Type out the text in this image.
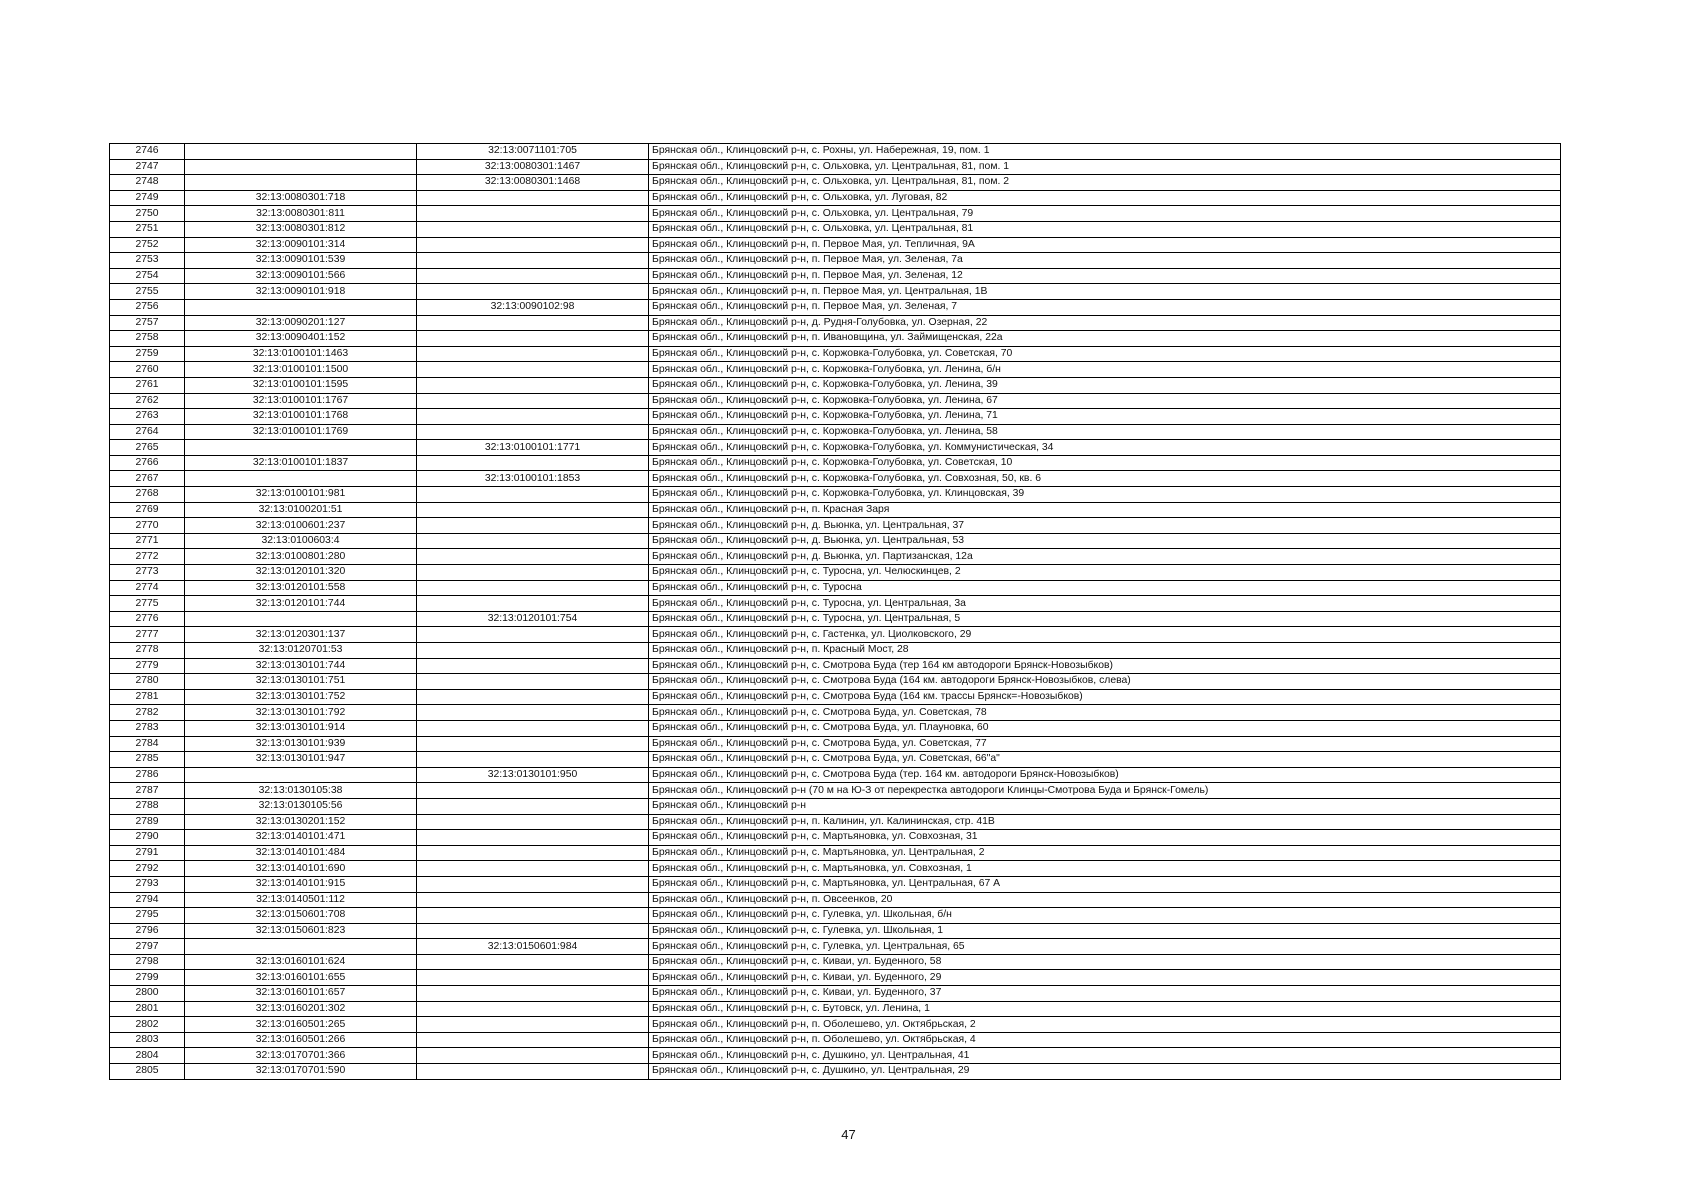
2746		32:13:0071101:705	Брянская обл., Клинцовский р-н, с. Рохны, ул. Набережная, 19, пом. 1
2747		32:13:0080301:1467	Брянская обл., Клинцовский р-н, с. Ольховка, ул. Центральная, 81, пом. 1
2748		32:13:0080301:1468	Брянская обл., Клинцовский р-н, с. Ольховка, ул. Центральная, 81, пом. 2
2749	32:13:0080301:718		Брянская обл., Клинцовский р-н, с. Ольховка, ул. Луговая, 82
2750	32:13:0080301:811		Брянская обл., Клинцовский р-н, с. Ольховка, ул. Центральная, 79
2751	32:13:0080301:812		Брянская обл., Клинцовский р-н, с. Ольховка, ул. Центральная, 81
2752	32:13:0090101:314		Брянская обл., Клинцовский р-н, п. Первое Мая, ул. Тепличная, 9А
2753	32:13:0090101:539		Брянская обл., Клинцовский р-н, п. Первое Мая, ул. Зеленая, 7а
2754	32:13:0090101:566		Брянская обл., Клинцовский р-н, п. Первое Мая, ул. Зеленая, 12
2755	32:13:0090101:918		Брянская обл., Клинцовский р-н, п. Первое Мая, ул. Центральная, 1В
2756		32:13:0090102:98	Брянская обл., Клинцовский р-н, п. Первое Мая, ул. Зеленая, 7
2757	32:13:0090201:127		Брянская обл., Клинцовский р-н, д. Рудня-Голубовка, ул. Озерная, 22
2758	32:13:0090401:152		Брянская обл., Клинцовский р-н, п. Ивановщина, ул. Займищенская, 22а
2759	32:13:0100101:1463		Брянская обл., Клинцовский р-н, с. Коржовка-Голубовка, ул. Советская, 70
2760	32:13:0100101:1500		Брянская обл., Клинцовский р-н, с. Коржовка-Голубовка, ул. Ленина, б/н
2761	32:13:0100101:1595		Брянская обл., Клинцовский р-н, с. Коржовка-Голубовка, ул. Ленина, 39
2762	32:13:0100101:1767		Брянская обл., Клинцовский р-н, с. Коржовка-Голубовка, ул. Ленина, 67
2763	32:13:0100101:1768		Брянская обл., Клинцовский р-н, с. Коржовка-Голубовка, ул. Ленина, 71
2764	32:13:0100101:1769		Брянская обл., Клинцовский р-н, с. Коржовка-Голубовка, ул. Ленина, 58
2765		32:13:0100101:1771	Брянская обл., Клинцовский р-н, с. Коржовка-Голубовка, ул. Коммунистическая, 34
2766	32:13:0100101:1837		Брянская обл., Клинцовский р-н, с. Коржовка-Голубовка, ул. Советская, 10
2767		32:13:0100101:1853	Брянская обл., Клинцовский р-н, с. Коржовка-Голубовка, ул. Совхозная, 50, кв. 6
2768	32:13:0100101:981		Брянская обл., Клинцовский р-н, с. Коржовка-Голубовка, ул. Клинцовская, 39
2769	32:13:0100201:51		Брянская обл., Клинцовский р-н, п. Красная Заря
2770	32:13:0100601:237		Брянская обл., Клинцовский р-н, д. Вьюнка, ул. Центральная, 37
2771	32:13:0100603:4		Брянская обл., Клинцовский р-н, д. Вьюнка, ул. Центральная, 53
2772	32:13:0100801:280		Брянская обл., Клинцовский р-н, д. Вьюнка, ул. Партизанская, 12а
2773	32:13:0120101:320		Брянская обл., Клинцовский р-н, с. Туросна, ул. Челюскинцев, 2
2774	32:13:0120101:558		Брянская обл., Клинцовский р-н, с. Туросна
2775	32:13:0120101:744		Брянская обл., Клинцовский р-н, с. Туросна, ул. Центральная, 3а
2776		32:13:0120101:754	Брянская обл., Клинцовский р-н, с. Туросна, ул. Центральная, 5
2777	32:13:0120301:137		Брянская обл., Клинцовский р-н, с. Гастенка, ул. Циолковского, 29
2778	32:13:0120701:53		Брянская обл., Клинцовский р-н, п. Красный Мост, 28
2779	32:13:0130101:744		Брянская обл., Клинцовский р-н, с. Смотрова Буда (тер 164 км автодороги Брянск-Новозыбков)
2780	32:13:0130101:751		Брянская обл., Клинцовский р-н, с. Смотрова Буда (164 км. автодороги Брянск-Новозыбков, слева)
2781	32:13:0130101:752		Брянская обл., Клинцовский р-н, с. Смотрова Буда (164 км. трассы Брянск=-Новозыбков)
2782	32:13:0130101:792		Брянская обл., Клинцовский р-н, с. Смотрова Буда, ул. Советская, 78
2783	32:13:0130101:914		Брянская обл., Клинцовский р-н, с. Смотрова Буда, ул. Плауновка, 60
2784	32:13:0130101:939		Брянская обл., Клинцовский р-н, с. Смотрова Буда, ул. Советская, 77
2785	32:13:0130101:947		Брянская обл., Клинцовский р-н, с. Смотрова Буда, ул. Советская, 66"а"
2786		32:13:0130101:950	Брянская обл., Клинцовский р-н, с. Смотрова Буда (тер. 164 км. автодороги Брянск-Новозыбков)
2787	32:13:0130105:38		Брянская обл., Клинцовский р-н (70 м на Ю-З от перекрестка автодороги Клинцы-Смотрова Буда и Брянск-Гомель)
2788	32:13:0130105:56		Брянская обл., Клинцовский р-н
2789	32:13:0130201:152		Брянская обл., Клинцовский р-н, п. Калинин, ул. Калининская, стр. 41В
2790	32:13:0140101:471		Брянская обл., Клинцовский р-н, с. Мартьяновка, ул. Совхозная, 31
2791	32:13:0140101:484		Брянская обл., Клинцовский р-н, с. Мартьяновка, ул. Центральная, 2
2792	32:13:0140101:690		Брянская обл., Клинцовский р-н, с. Мартьяновка, ул. Совхозная, 1
2793	32:13:0140101:915		Брянская обл., Клинцовский р-н, с. Мартьяновка, ул. Центральная, 67 А
2794	32:13:0140501:112		Брянская обл., Клинцовский р-н, п. Овсеенков, 20
2795	32:13:0150601:708		Брянская обл., Клинцовский р-н, с. Гулевка, ул. Школьная, б/н
2796	32:13:0150601:823		Брянская обл., Клинцовский р-н, с. Гулевка, ул. Школьная, 1
2797		32:13:0150601:984	Брянская обл., Клинцовский р-н, с. Гулевка, ул. Центральная, 65
2798	32:13:0160101:624		Брянская обл., Клинцовский р-н, с. Киваи, ул. Буденного, 58
2799	32:13:0160101:655		Брянская обл., Клинцовский р-н, с. Киваи, ул. Буденного, 29
2800	32:13:0160101:657		Брянская обл., Клинцовский р-н, с. Киваи, ул. Буденного, 37
2801	32:13:0160201:302		Брянская обл., Клинцовский р-н, с. Бутовск, ул. Ленина, 1
2802	32:13:0160501:265		Брянская обл., Клинцовский р-н, п. Оболешево, ул. Октябрьская, 2
2803	32:13:0160501:266		Брянская обл., Клинцовский р-н, п. Оболешево, ул. Октябрьская, 4
2804	32:13:0170701:366		Брянская обл., Клинцовский р-н, с. Душкино, ул. Центральная, 41
2805	32:13:0170701:590		Брянская обл., Клинцовский р-н, с. Душкино, ул. Центральная, 29
47
